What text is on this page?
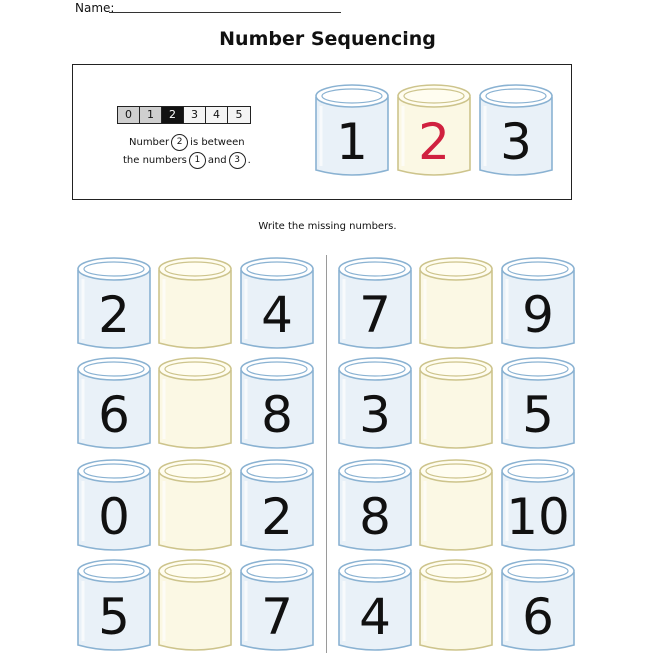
Name:
Number Sequencing
0	1	2	3	4	5
Number 2 is between
the numbers 1 and 3 .	1	2	3
Write the missing numbers.
2	4	7	9
6	8	3	5
0	2	8	10
5	7	4	6
